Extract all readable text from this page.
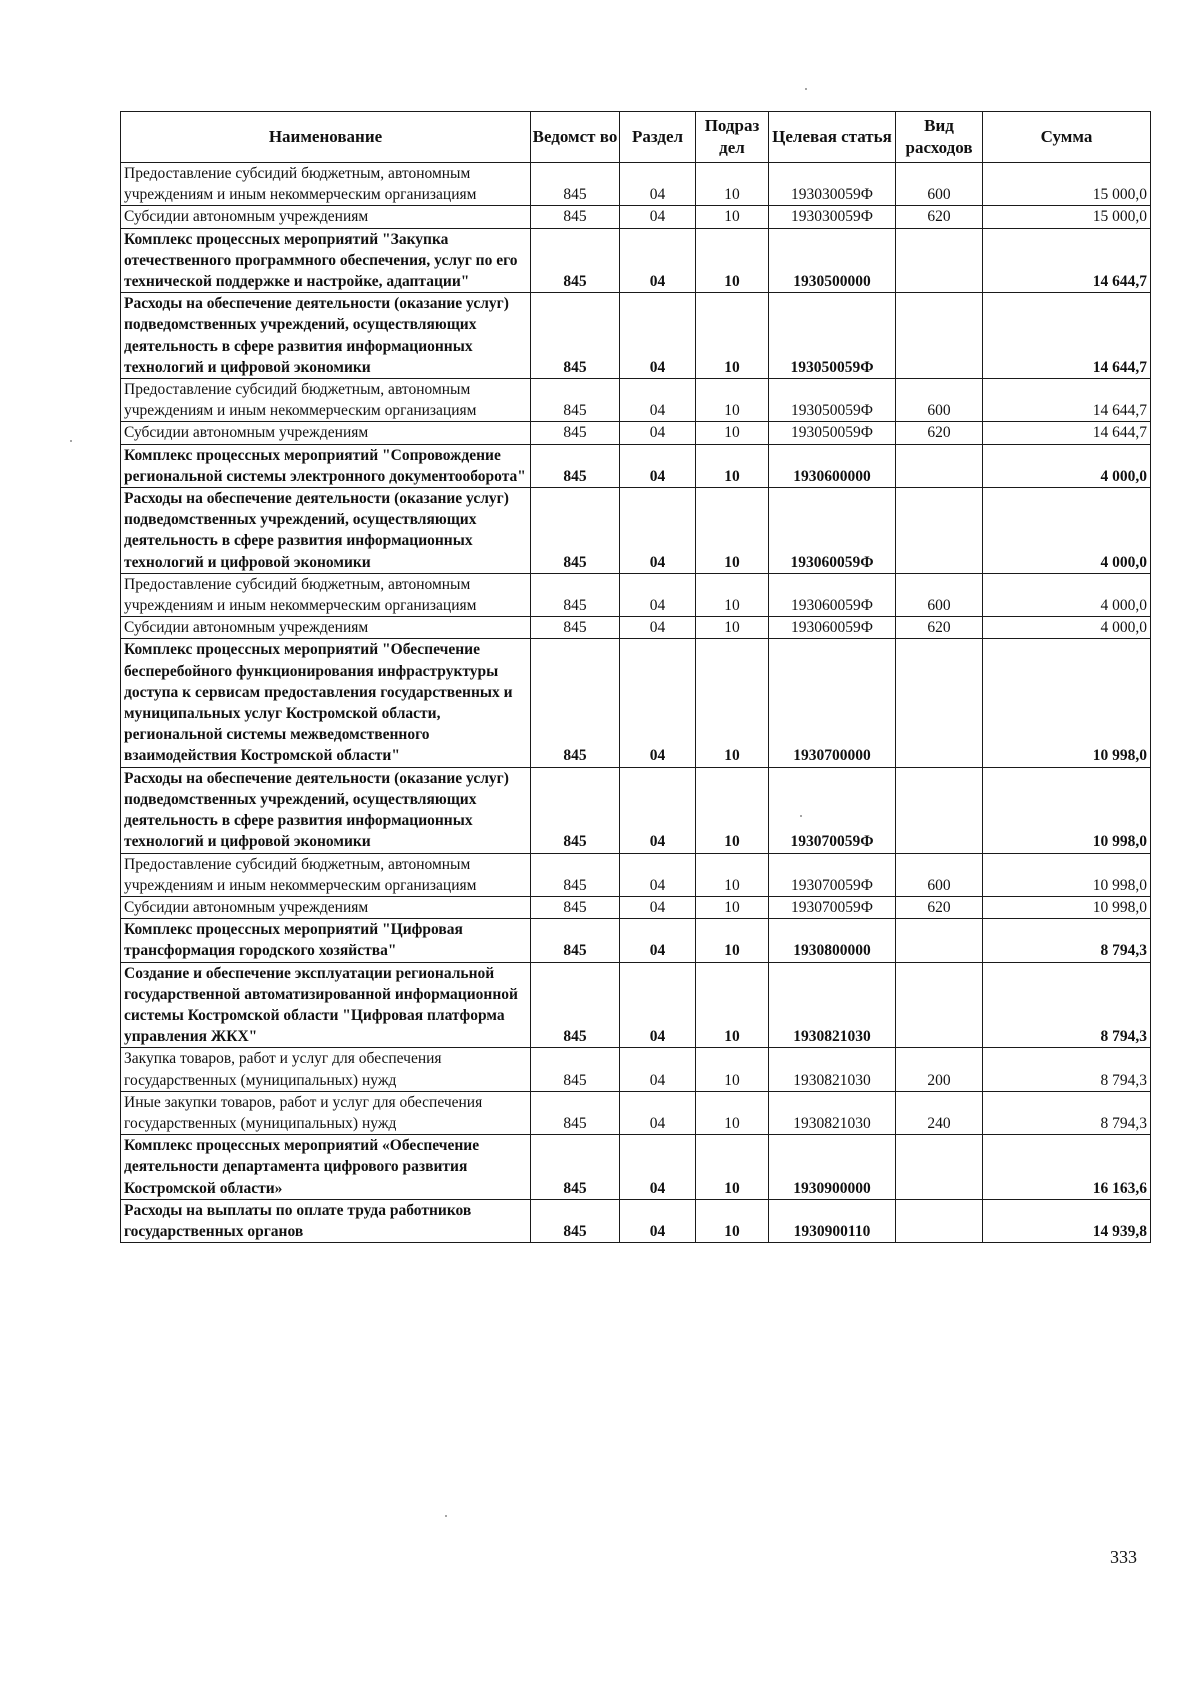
Наименование	Ведомст во	Раздел	Подраз дел	Целевая статья	Вид расходов	Сумма
Предоставление субсидий бюджетным, автономным учреждениям и иным некоммерческим организациям	845	04	10	193030059Ф	600	15 000,0
Субсидии автономным учреждениям	845	04	10	193030059Ф	620	15 000,0
Комплекс процессных мероприятий "Закупка отечественного программного обеспечения, услуг по его технической поддержке и настройке, адаптации"	845	04	10	1930500000		14 644,7
Расходы на обеспечение деятельности (оказание услуг) подведомственных учреждений, осуществляющих деятельность в сфере развития информационных технологий и цифровой экономики	845	04	10	193050059Ф		14 644,7
Предоставление субсидий бюджетным, автономным учреждениям и иным некоммерческим организациям	845	04	10	193050059Ф	600	14 644,7
Субсидии автономным учреждениям	845	04	10	193050059Ф	620	14 644,7
Комплекс процессных мероприятий "Сопровождение региональной системы электронного документооборота"	845	04	10	1930600000		4 000,0
Расходы на обеспечение деятельности (оказание услуг) подведомственных учреждений, осуществляющих деятельность в сфере развития информационных технологий и цифровой экономики	845	04	10	193060059Ф		4 000,0
Предоставление субсидий бюджетным, автономным учреждениям и иным некоммерческим организациям	845	04	10	193060059Ф	600	4 000,0
Субсидии автономным учреждениям	845	04	10	193060059Ф	620	4 000,0
Комплекс процессных мероприятий "Обеспечение бесперебойного функционирования инфраструктуры доступа к сервисам предоставления государственных и муниципальных услуг Костромской области, региональной системы межведомственного взаимодействия Костромской области"	845	04	10	1930700000		10 998,0
Расходы на обеспечение деятельности (оказание услуг) подведомственных учреждений, осуществляющих деятельность в сфере развития информационных технологий и цифровой экономики	845	04	10	193070059Ф		10 998,0
Предоставление субсидий бюджетным, автономным учреждениям и иным некоммерческим организациям	845	04	10	193070059Ф	600	10 998,0
Субсидии автономным учреждениям	845	04	10	193070059Ф	620	10 998,0
Комплекс процессных мероприятий "Цифровая трансформация городского хозяйства"	845	04	10	1930800000		8 794,3
Создание и обеспечение эксплуатации региональной государственной автоматизированной информационной системы Костромской области "Цифровая платформа управления ЖКХ"	845	04	10	1930821030		8 794,3
Закупка товаров, работ и услуг для обеспечения государственных (муниципальных) нужд	845	04	10	1930821030	200	8 794,3
Иные закупки товаров, работ и услуг для обеспечения государственных (муниципальных) нужд	845	04	10	1930821030	240	8 794,3
Комплекс процессных мероприятий «Обеспечение деятельности департамента цифрового развития Костромской области»	845	04	10	1930900000		16 163,6
Расходы на выплаты по оплате труда работников государственных органов	845	04	10	1930900110		14 939,8
333
